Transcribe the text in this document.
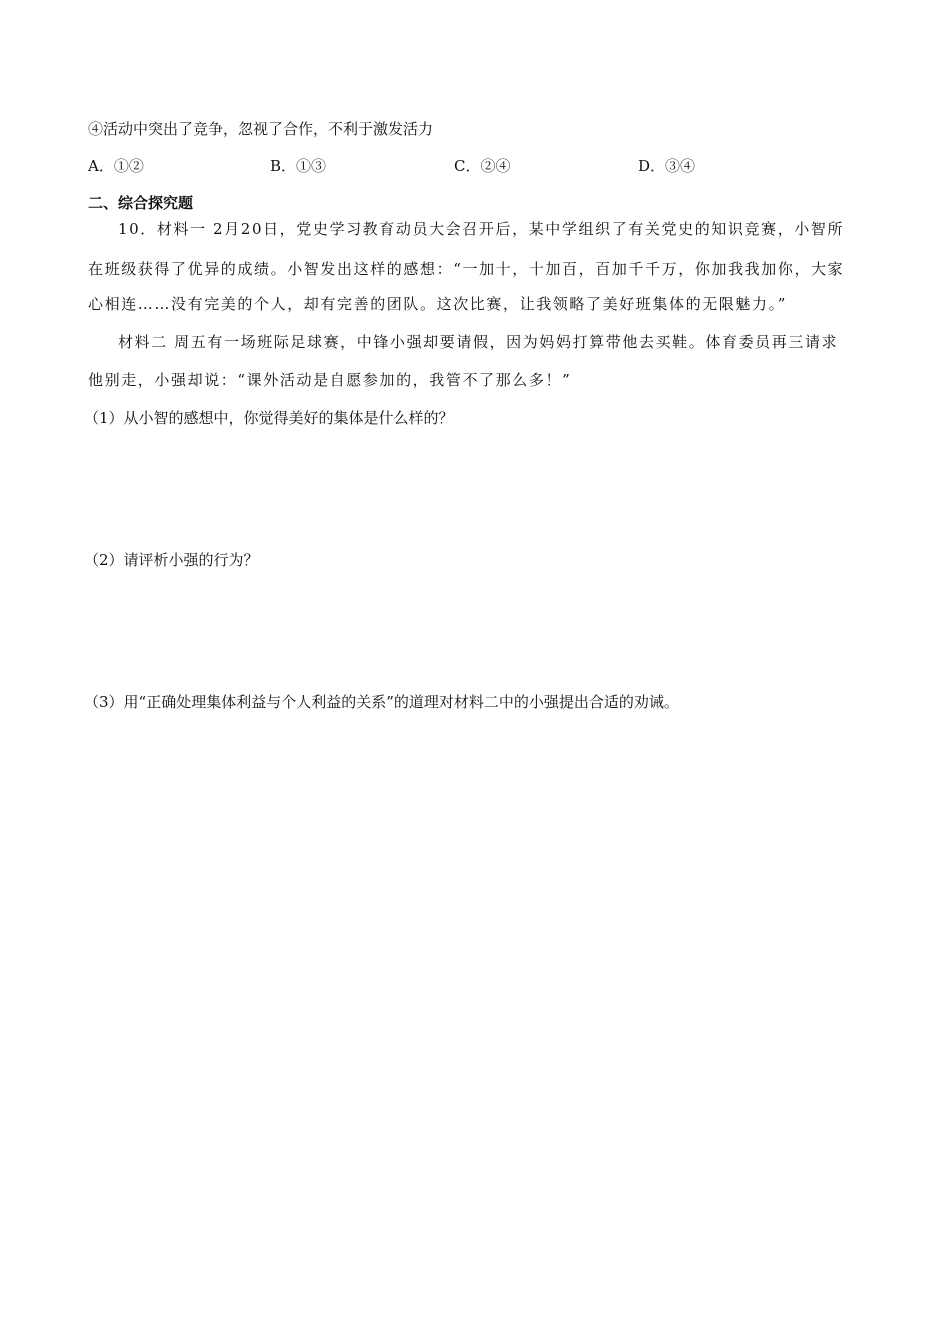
④活动中突出了竞争，忽视了合作，不利于激发活力
A．①②	B．①③	C．②④	D．③④
二、综合探究题
10．材料一 2月20日，党史学习教育动员大会召开后，某中学组织了有关党史的知识竞赛，小智所
在班级获得了优异的成绩。小智发出这样的感想：“一加十，十加百，百加千千万，你加我我加你，大家
心相连……没有完美的个人，却有完善的团队。这次比赛，让我领略了美好班集体的无限魅力。”
材料二 周五有一场班际足球赛，中锋小强却要请假，因为妈妈打算带他去买鞋。体育委员再三请求
他别走，小强却说：“课外活动是自愿参加的，我管不了那么多！”
（1）从小智的感想中，你觉得美好的集体是什么样的？
（2）请评析小强的行为？
（3）用“正确处理集体利益与个人利益的关系”的道理对材料二中的小强提出合适的劝诫。
